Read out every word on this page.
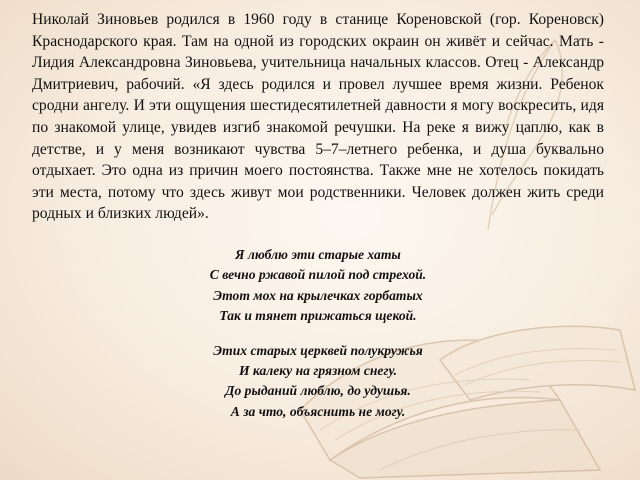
Николай Зиновьев родился в 1960 году в станице Кореновской (гор. Кореновск) Краснодарского края. Там на одной из городских окраин он живёт и сейчас. Мать - Лидия Александровна Зиновьева, учительница начальных классов. Отец - Александр Дмитриевич, рабочий. «Я здесь родился и провел лучшее время жизни. Ребенок сродни ангелу. И эти ощущения шестидесятилетней давности я могу воскресить, идя по знакомой улице, увидев изгиб знакомой речушки. На реке я вижу цаплю, как в детстве, и у меня возникают чувства 5–7–летнего ребенка, и душа буквально отдыхает. Это одна из причин моего постоянства. Также мне не хотелось покидать эти места, потому что здесь живут мои родственники. Человек должен жить среди родных и близких людей».

Я люблю эти старые хаты
С вечно ржавой пилой под стрехой.
Этот мох на крылечках горбатых
Так и тянет прижаться щекой.
Этих старых церквей полукружья
И калеку на грязном снегу.
До рыданий люблю, до удушья.
А за что, объяснить не могу.
